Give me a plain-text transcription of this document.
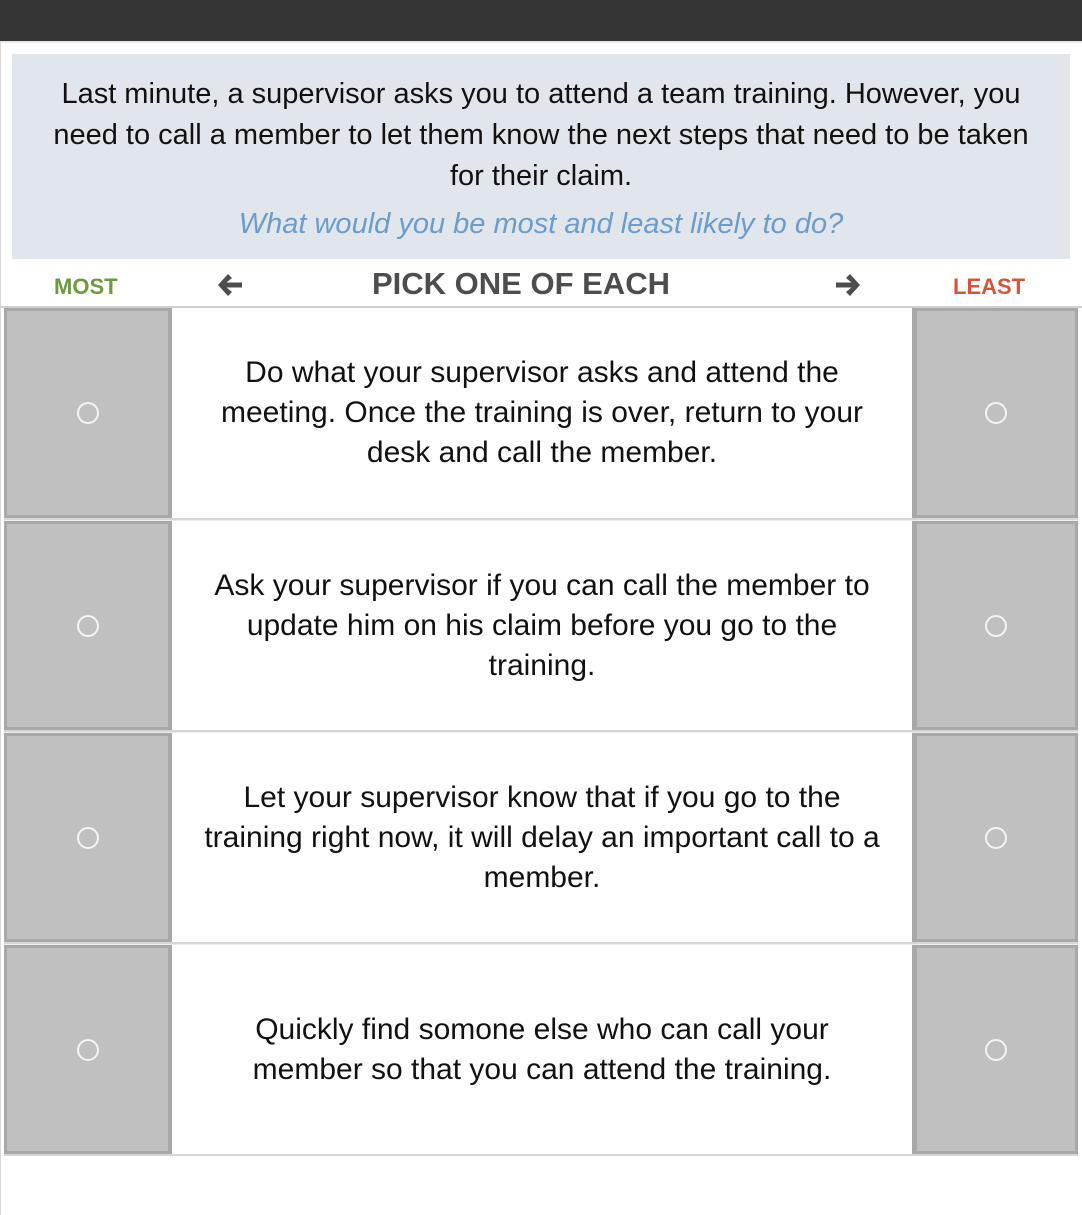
Last minute, a supervisor asks you to attend a team training. However, you need to call a member to let them know the next steps that need to be taken for their claim.
What would you be most and least likely to do?
MOST	PICK ONE OF EACH	LEAST
Do what your supervisor asks and attend the meeting. Once the training is over, return to your desk and call the member.
Ask your supervisor if you can call the member to update him on his claim before you go to the training.
Let your supervisor know that if you go to the training right now, it will delay an important call to a member.
Quickly find somone else who can call your member so that you can attend the training.
